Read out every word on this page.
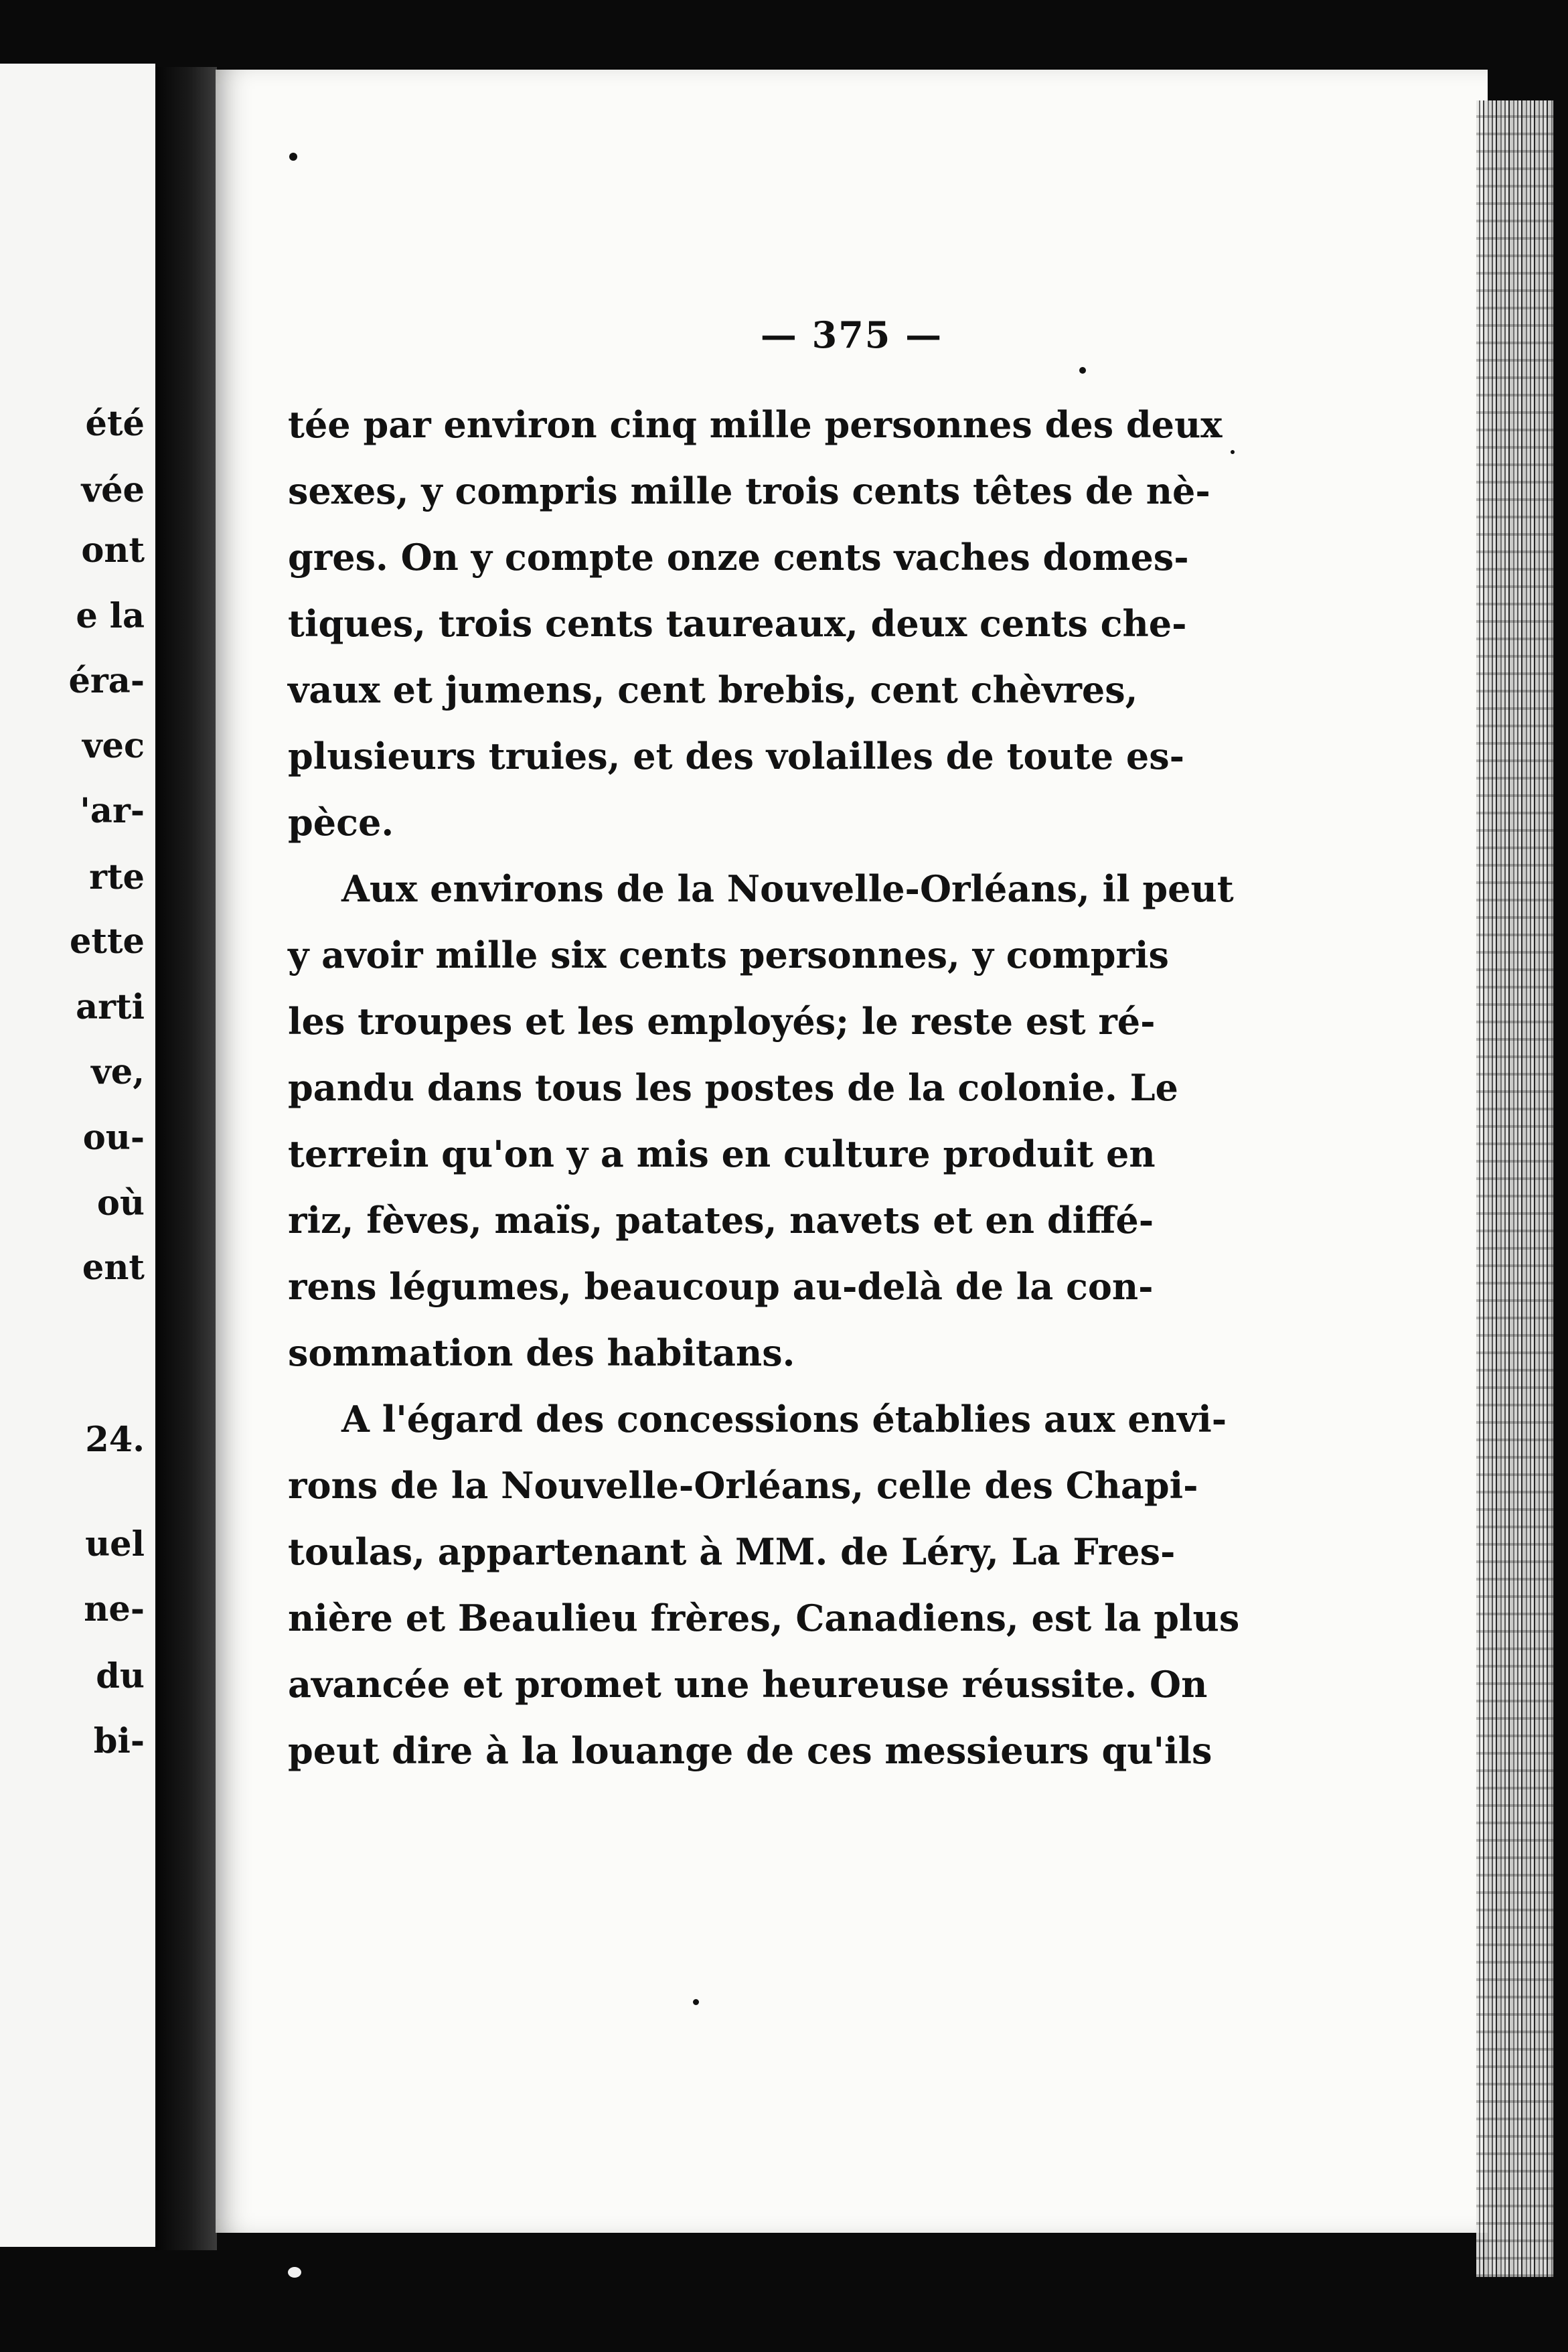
été
vée
ont
e la
éra-
vec
'ar-
rte
ette
arti
ve,
ou-
où
ent
24.
uel
ne-
du
bi-
— 375 —
tée par environ cinq mille personnes des deux
sexes, y compris mille trois cents têtes de nè-
gres. On y compte onze cents vaches domes-
tiques, trois cents taureaux, deux cents che-
vaux et jumens, cent brebis, cent chèvres,
plusieurs truies, et des volailles de toute es-
pèce.
Aux environs de la Nouvelle-Orléans, il peut
y avoir mille six cents personnes, y compris
les troupes et les employés; le reste est ré-
pandu dans tous les postes de la colonie. Le
terrein qu'on y a mis en culture produit en
riz, fèves, maïs, patates, navets et en diffé-
rens légumes, beaucoup au-delà de la con-
sommation des habitans.
A l'égard des concessions établies aux envi-
rons de la Nouvelle-Orléans, celle des Chapi-
toulas, appartenant à MM. de Léry, La Fres-
nière et Beaulieu frères, Canadiens, est la plus
avancée et promet une heureuse réussite. On
peut dire à la louange de ces messieurs qu'ils
